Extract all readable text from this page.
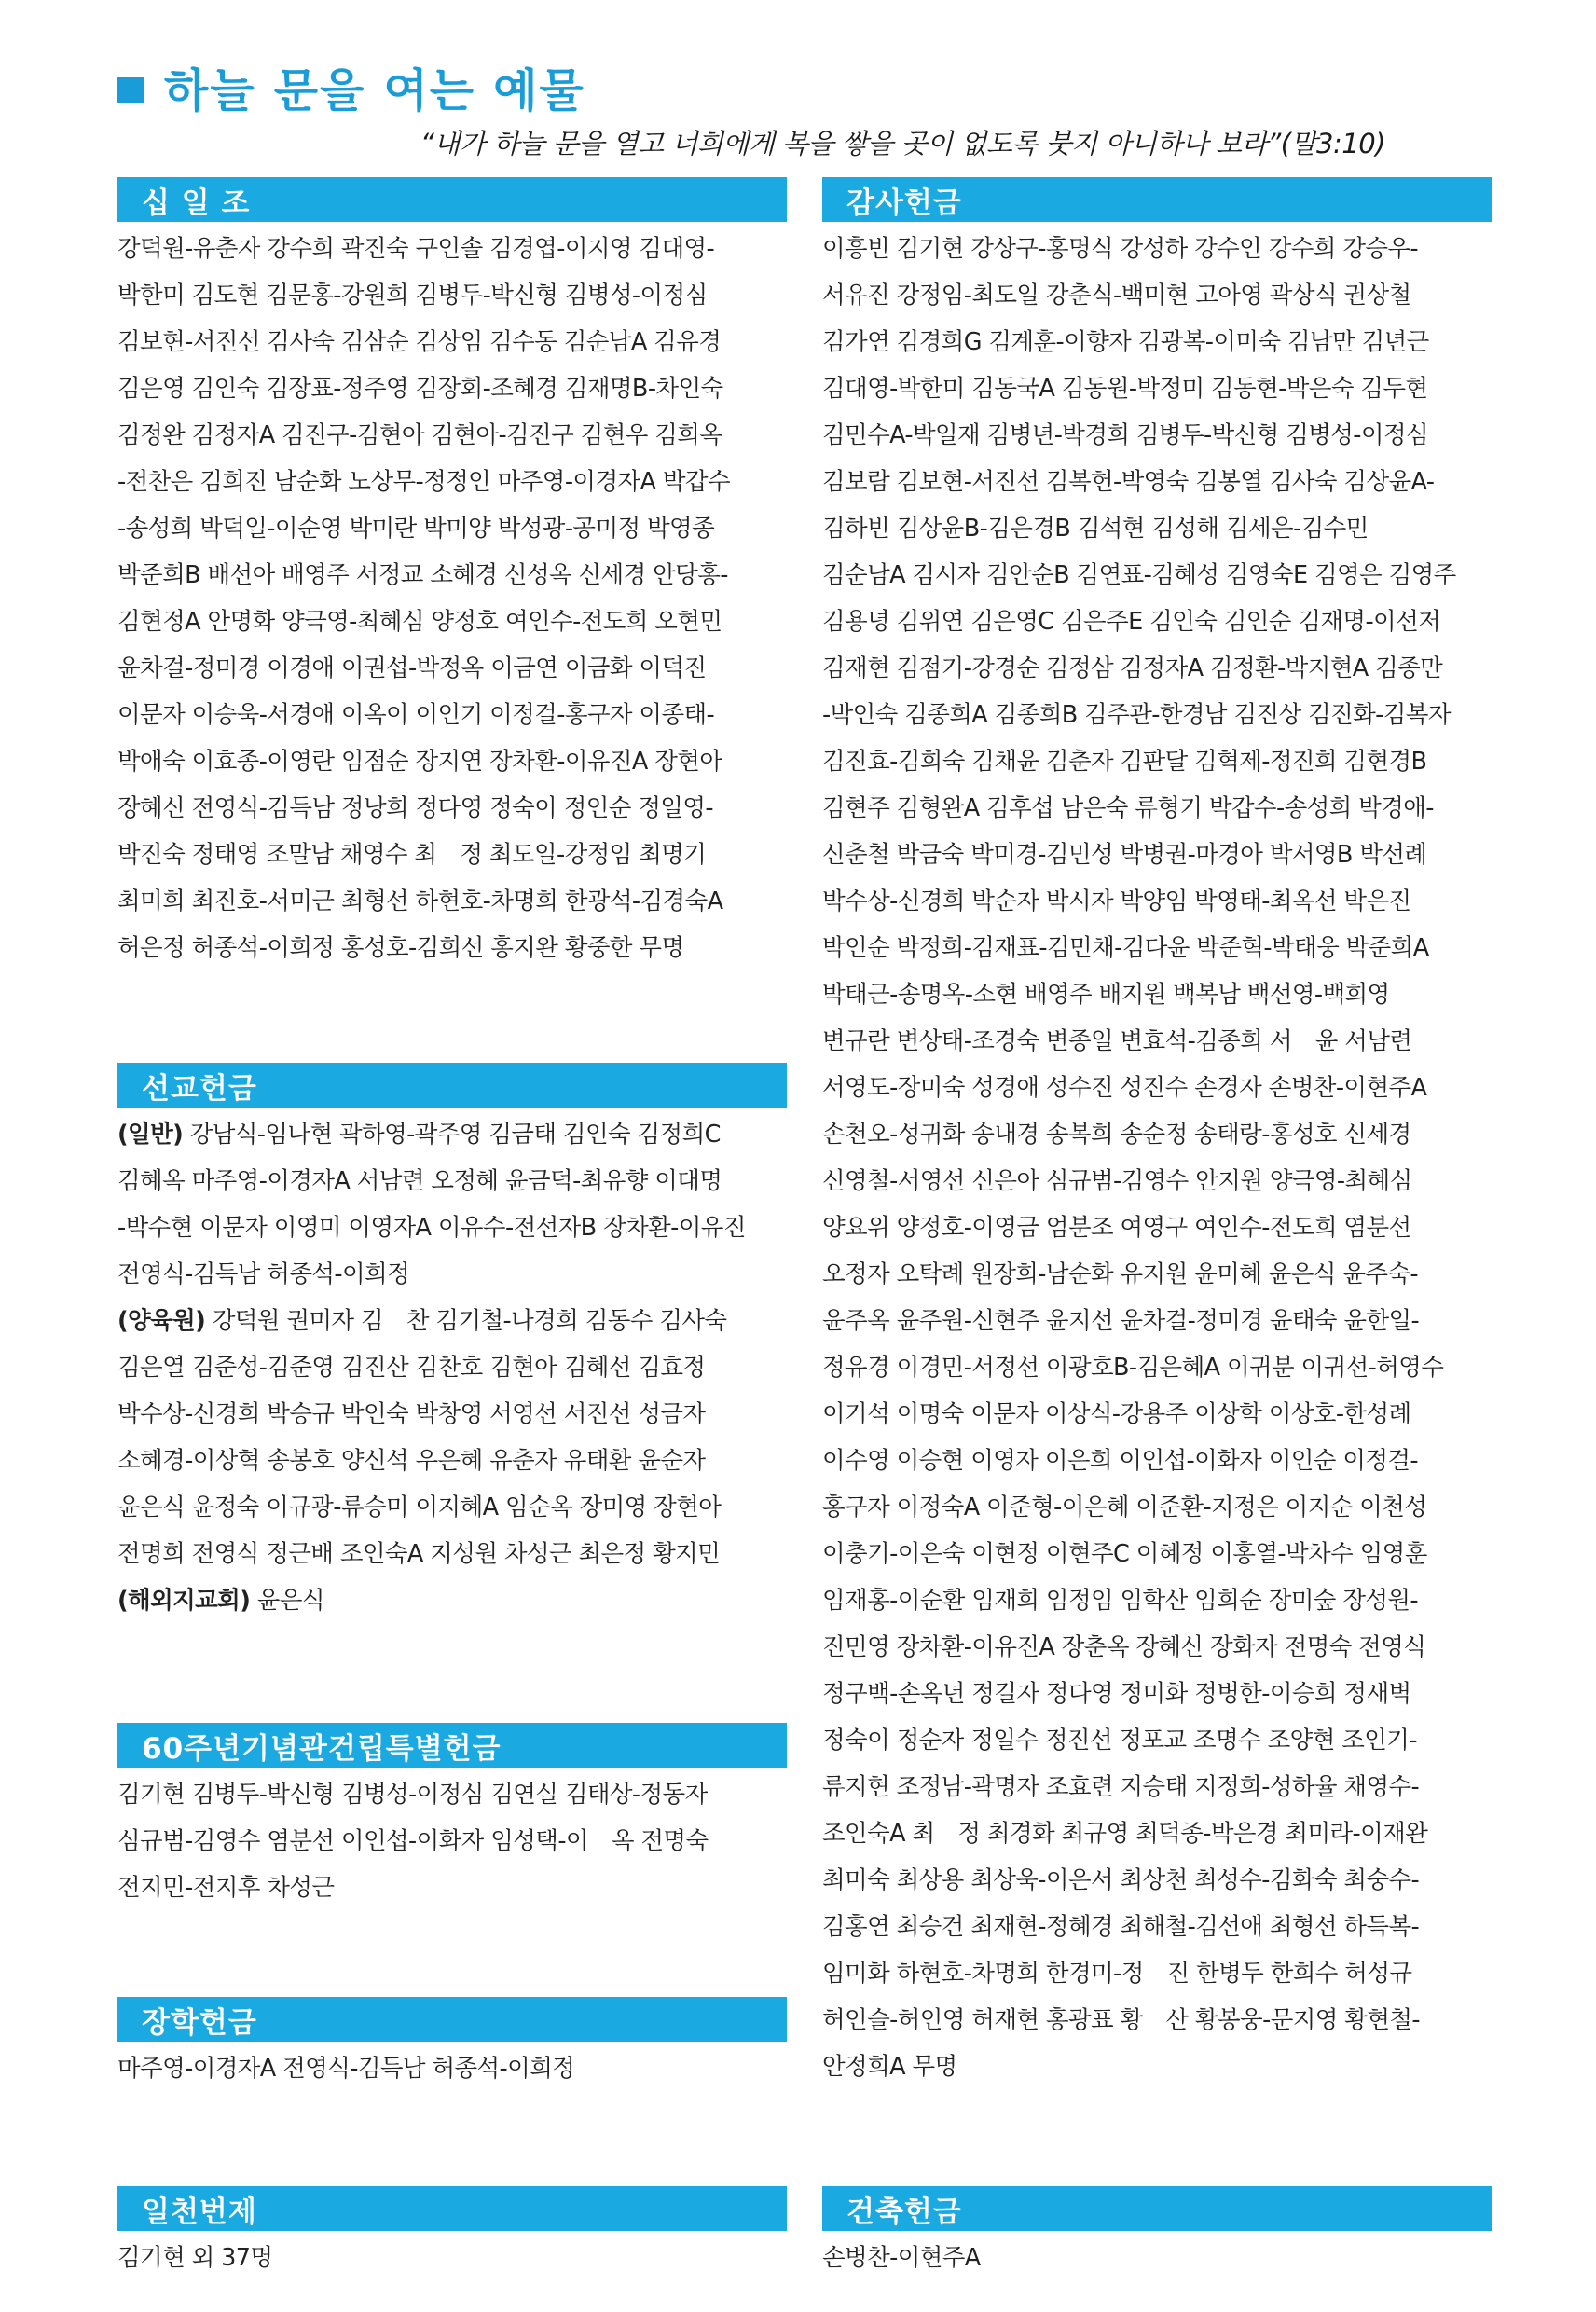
하늘 문을 여는 예물
“내가 하늘 문을 열고 너희에게 복을 쌓을 곳이 없도록 붓지 아니하나 보라”(말3:10)
십 일 조
강덕원-유춘자 강수희 곽진숙 구인솔 김경엽-이지영 김대영-
박한미 김도현 김문홍-강원희 김병두-박신형 김병성-이정심
김보현-서진선 김사숙 김삼순 김상임 김수동 김순남A 김유경
김은영 김인숙 김장표-정주영 김장회-조혜경 김재명B-차인숙
김정완 김정자A 김진구-김현아 김현아-김진구 김현우 김희옥
-전찬은 김희진 남순화 노상무-정정인 마주영-이경자A 박갑수
-송성희 박덕일-이순영 박미란 박미양 박성광-공미정 박영종
박준희B 배선아 배영주 서정교 소혜경 신성옥 신세경 안당홍-
김현정A 안명화 양극영-최혜심 양정호 여인수-전도희 오현민
윤차걸-정미경 이경애 이권섭-박정옥 이금연 이금화 이덕진
이문자 이승욱-서경애 이옥이 이인기 이정걸-홍구자 이종태-
박애숙 이효종-이영란 임점순 장지연 장차환-이유진A 장현아
장혜신 전영식-김득남 정낭희 정다영 정숙이 정인순 정일영-
박진숙 정태영 조말남 채영수 최　정 최도일-강정임 최명기
최미희 최진호-서미근 최형선 하현호-차명희 한광석-김경숙A
허은정 허종석-이희정 홍성호-김희선 홍지완 황중한 무명
선교헌금
(일반) 강남식-임나현 곽하영-곽주영 김금태 김인숙 김정희C
김혜옥 마주영-이경자A 서남련 오정혜 윤금덕-최유향 이대명
-박수현 이문자 이영미 이영자A 이유수-전선자B 장차환-이유진
전영식-김득남 허종석-이희정
(양육원) 강덕원 권미자 김　찬 김기철-나경희 김동수 김사숙
김은열 김준성-김준영 김진산 김찬호 김현아 김혜선 김효정
박수상-신경희 박승규 박인숙 박창영 서영선 서진선 성금자
소혜경-이상혁 송봉호 양신석 우은혜 유춘자 유태환 윤순자
윤은식 윤정숙 이규광-류승미 이지혜A 임순옥 장미영 장현아
전명희 전영식 정근배 조인숙A 지성원 차성근 최은정 황지민
(해외지교회) 윤은식
60주년기념관건립특별헌금
김기현 김병두-박신형 김병성-이정심 김연실 김태상-정동자
심규범-김영수 염분선 이인섭-이화자 임성택-이　옥 전명숙
전지민-전지후 차성근
장학헌금
마주영-이경자A 전영식-김득남 허종석-이희정
일천번제
김기현 외 37명
감사헌금
이흥빈 김기현 강상구-홍명식 강성하 강수인 강수희 강승우-
서유진 강정임-최도일 강춘식-백미현 고아영 곽상식 권상철
김가연 김경희G 김계훈-이향자 김광복-이미숙 김남만 김년근
김대영-박한미 김동국A 김동원-박정미 김동현-박은숙 김두현
김민수A-박일재 김병년-박경희 김병두-박신형 김병성-이정심
김보람 김보현-서진선 김복헌-박영숙 김봉열 김사숙 김상윤A-
김하빈 김상윤B-김은경B 김석현 김성해 김세은-김수민
김순남A 김시자 김안순B 김연표-김혜성 김영숙E 김영은 김영주
김용녕 김위연 김은영C 김은주E 김인숙 김인순 김재명-이선저
김재현 김점기-강경순 김정삼 김정자A 김정환-박지현A 김종만
-박인숙 김종희A 김종희B 김주관-한경남 김진상 김진화-김복자
김진효-김희숙 김채윤 김춘자 김판달 김혁제-정진희 김현경B
김현주 김형완A 김후섭 남은숙 류형기 박갑수-송성희 박경애-
신춘철 박금숙 박미경-김민성 박병권-마경아 박서영B 박선례
박수상-신경희 박순자 박시자 박양임 박영태-최옥선 박은진
박인순 박정희-김재표-김민채-김다윤 박준혁-박태웅 박준희A
박태근-송명옥-소현 배영주 배지원 백복남 백선영-백희영
변규란 변상태-조경숙 변종일 변효석-김종희 서　윤 서남련
서영도-장미숙 성경애 성수진 성진수 손경자 손병찬-이현주A
손천오-성귀화 송내경 송복희 송순정 송태랑-홍성호 신세경
신영철-서영선 신은아 심규범-김영수 안지원 양극영-최혜심
양요위 양정호-이영금 엄분조 여영구 여인수-전도희 염분선
오정자 오탁례 원장희-남순화 유지원 윤미혜 윤은식 윤주숙-
윤주옥 윤주원-신현주 윤지선 윤차걸-정미경 윤태숙 윤한일-
정유경 이경민-서정선 이광호B-김은혜A 이귀분 이귀선-허영수
이기석 이명숙 이문자 이상식-강용주 이상학 이상호-한성례
이수영 이승현 이영자 이은희 이인섭-이화자 이인순 이정걸-
홍구자 이정숙A 이준형-이은혜 이준환-지정은 이지순 이천성
이충기-이은숙 이현정 이현주C 이혜정 이홍열-박차수 임영훈
임재홍-이순환 임재희 임정임 임학산 임희순 장미숲 장성원-
진민영 장차환-이유진A 장춘옥 장혜신 장화자 전명숙 전영식
정구백-손옥년 정길자 정다영 정미화 정병한-이승희 정새벽
정숙이 정순자 정일수 정진선 정포교 조명수 조양현 조인기-
류지현 조정남-곽명자 조효련 지승태 지정희-성하율 채영수-
조인숙A 최　정 최경화 최규영 최덕종-박은경 최미라-이재완
최미숙 최상용 최상욱-이은서 최상천 최성수-김화숙 최숭수-
김홍연 최승건 최재현-정혜경 최해철-김선애 최형선 하득복-
임미화 하현호-차명희 한경미-정　진 한병두 한희수 허성규
허인슬-허인영 허재현 홍광표 황　산 황봉웅-문지영 황현철-
안정희A 무명
건축헌금
손병찬-이현주A
